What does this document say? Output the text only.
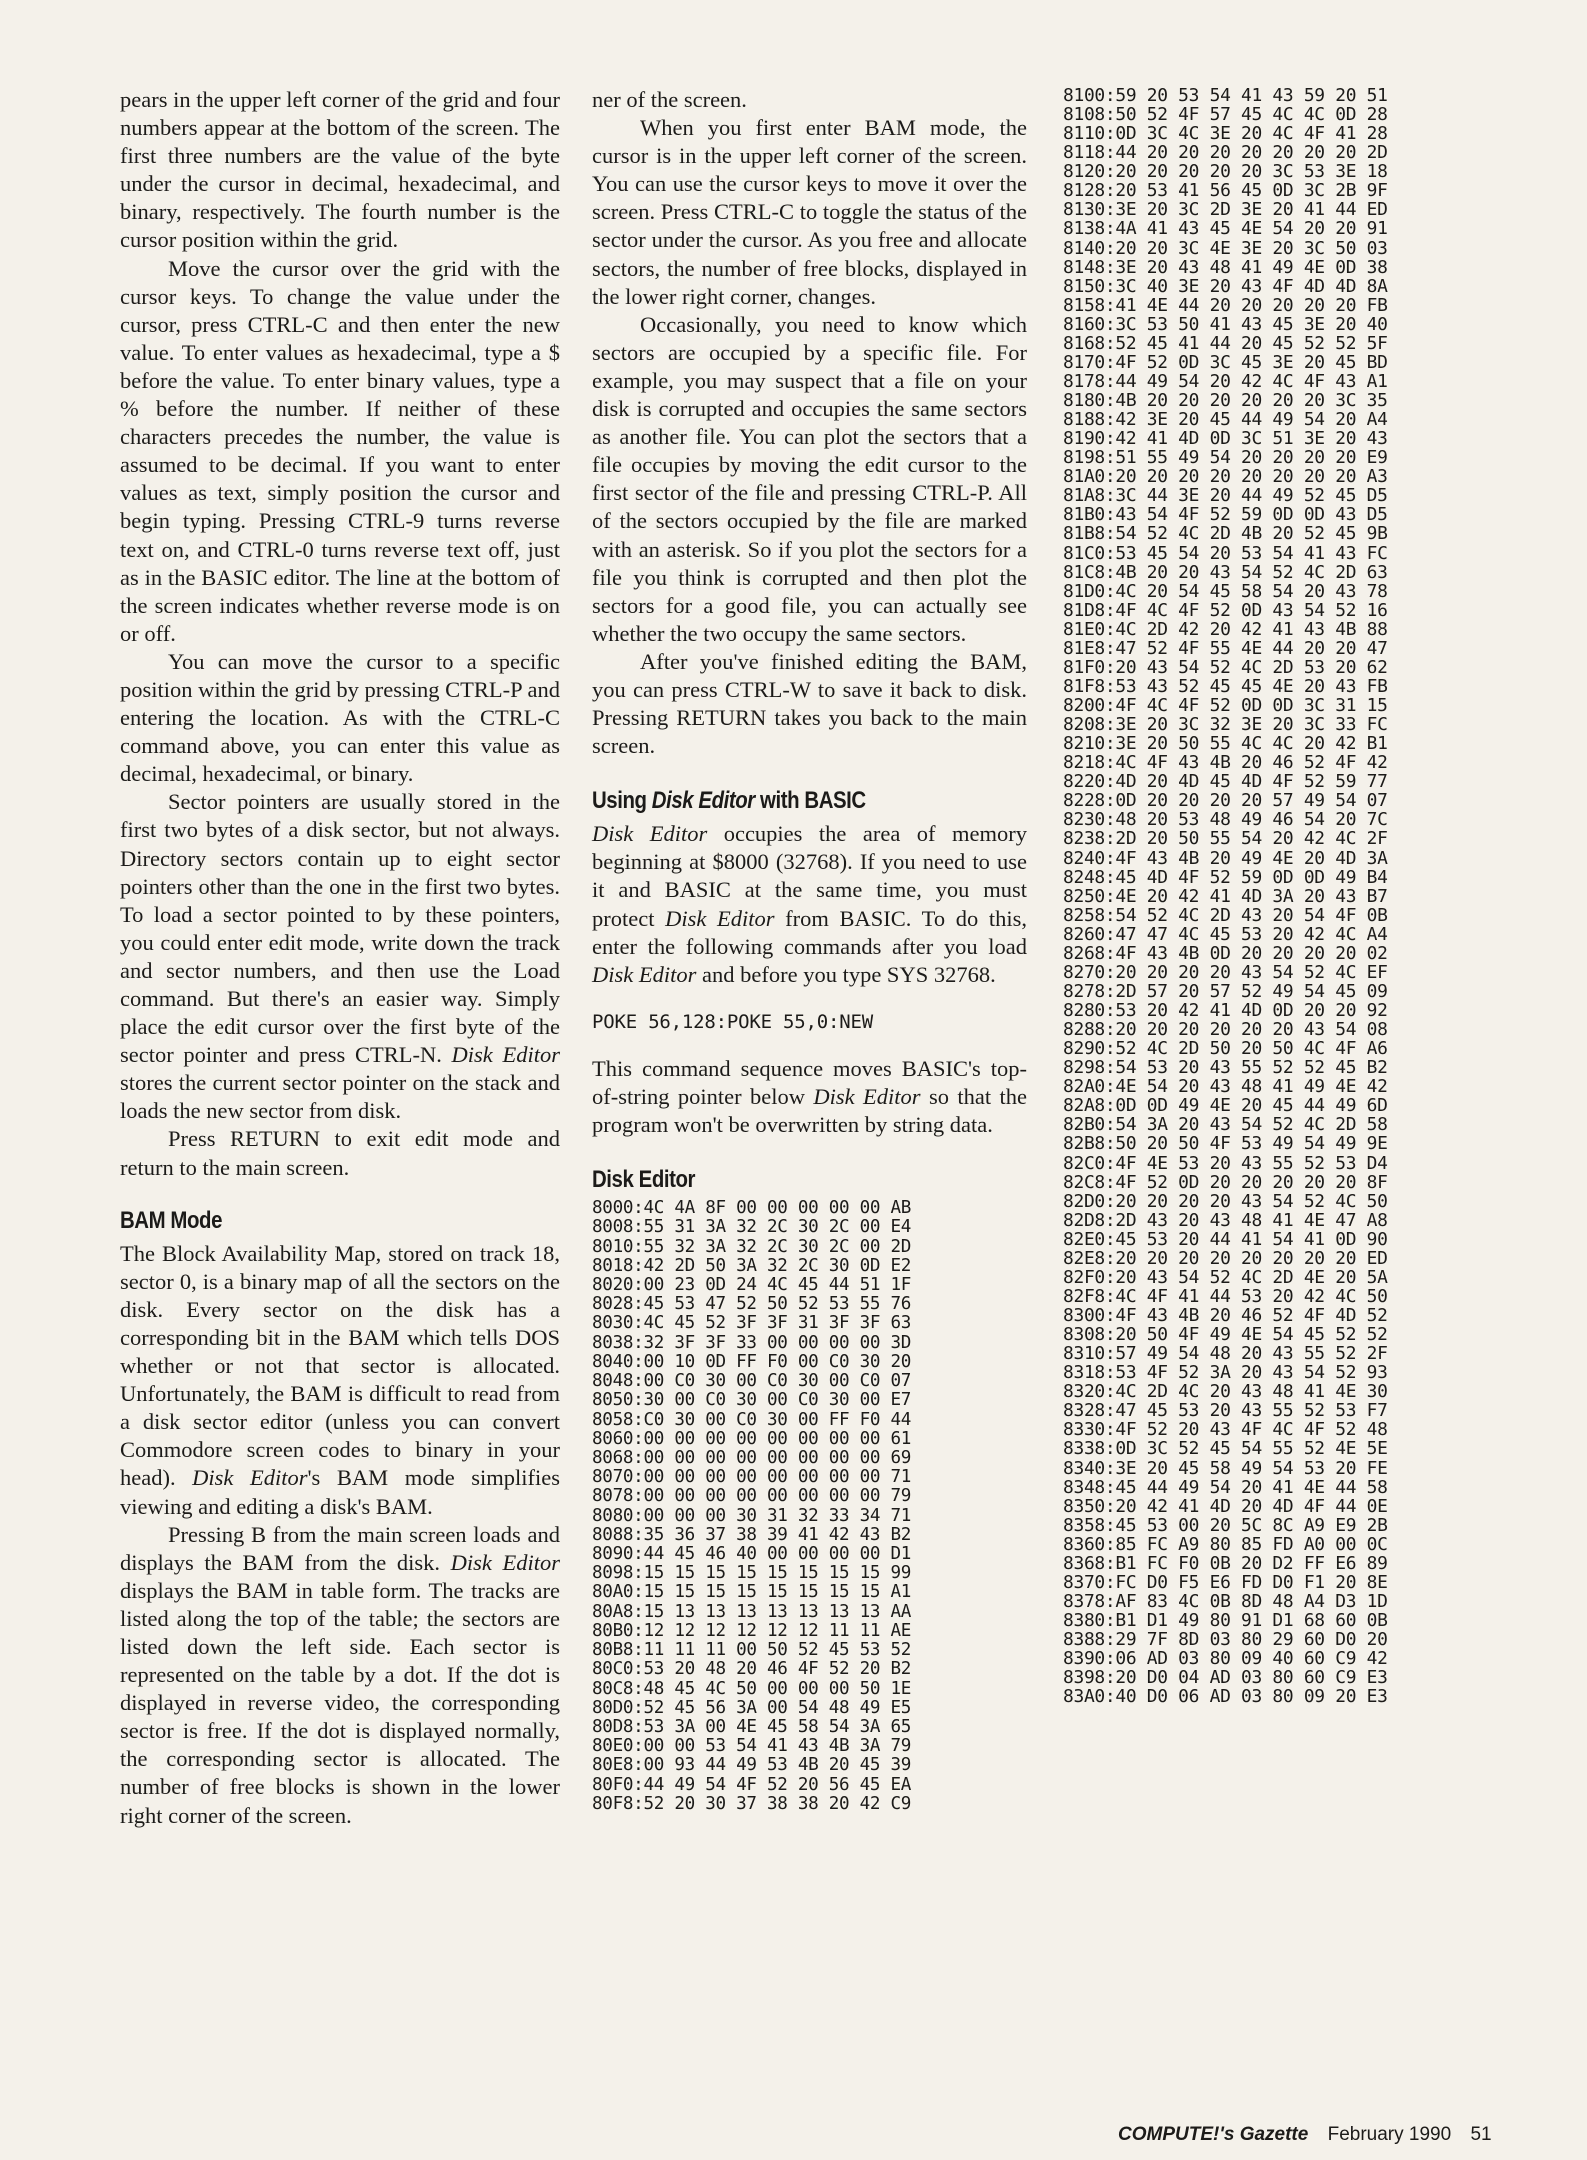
pears in the upper left corner of the grid and four numbers appear at the bottom of the screen. The first three numbers are the value of the byte under the cursor in decimal, hexadecimal, and binary, respectively. The fourth number is the cursor position within the grid.

Move the cursor over the grid with the cursor keys. To change the value under the cursor, press CTRL-C and then enter the new value. To enter values as hexadecimal, type a $ before the value. To enter binary values, type a % before the number. If neither of these characters precedes the number, the value is assumed to be decimal. If you want to enter values as text, simply position the cursor and begin typing. Pressing CTRL-9 turns reverse text on, and CTRL-0 turns reverse text off, just as in the BASIC editor. The line at the bottom of the screen indicates whether reverse mode is on or off.

You can move the cursor to a specific position within the grid by pressing CTRL-P and entering the location. As with the CTRL-C command above, you can enter this value as decimal, hexadecimal, or binary.

Sector pointers are usually stored in the first two bytes of a disk sector, but not always. Directory sectors contain up to eight sector pointers other than the one in the first two bytes. To load a sector pointed to by these pointers, you could enter edit mode, write down the track and sector numbers, and then use the Load command. But there's an easier way. Simply place the edit cursor over the first byte of the sector pointer and press CTRL-N. Disk Editor stores the current sector pointer on the stack and loads the new sector from disk.

Press RETURN to exit edit mode and return to the main screen.

BAM Mode

The Block Availability Map, stored on track 18, sector 0, is a binary map of all the sectors on the disk. Every sector on the disk has a corresponding bit in the BAM which tells DOS whether or not that sector is allocated. Unfortunately, the BAM is difficult to read from a disk sector editor (unless you can convert Commodore screen codes to binary in your head). Disk Editor's BAM mode simplifies viewing and editing a disk's BAM.

Pressing B from the main screen loads and displays the BAM from the disk. Disk Editor displays the BAM in table form. The tracks are listed along the top of the table; the sectors are listed down the left side. Each sector is represented on the table by a dot. If the dot is displayed in reverse video, the corresponding sector is free. If the dot is displayed normally, the corresponding sector is allocated. The number of free blocks is shown in the lower right corner of the screen.

ner of the screen.

When you first enter BAM mode, the cursor is in the upper left corner of the screen. You can use the cursor keys to move it over the screen. Press CTRL-C to toggle the status of the sector under the cursor. As you free and allocate sectors, the number of free blocks, displayed in the lower right corner, changes.

Occasionally, you need to know which sectors are occupied by a specific file. For example, you may suspect that a file on your disk is corrupted and occupies the same sectors as another file. You can plot the sectors that a file occupies by moving the edit cursor to the first sector of the file and pressing CTRL-P. All of the sectors occupied by the file are marked with an asterisk. So if you plot the sectors for a file you think is corrupted and then plot the sectors for a good file, you can actually see whether the two occupy the same sectors.

After you've finished editing the BAM, you can press CTRL-W to save it back to disk. Pressing RETURN takes you back to the main screen.

Using Disk Editor with BASIC

Disk Editor occupies the area of memory beginning at $8000 (32768). If you need to use it and BASIC at the same time, you must protect Disk Editor from BASIC. To do this, enter the following commands after you load Disk Editor and before you type SYS 32768.

POKE 56,128:POKE 55,0:NEW

This command sequence moves BASIC's top-of-string pointer below Disk Editor so that the program won't be overwritten by string data.

Disk Editor
8000:4C 4A 8F 00 00 00 00 00 AB
8008:55 31 3A 32 2C 30 2C 00 E4
8010:55 32 3A 32 2C 30 2C 00 2D
8018:42 2D 50 3A 32 2C 30 0D E2
8020:00 23 0D 24 4C 45 44 51 1F
8028:45 53 47 52 50 52 53 55 76
8030:4C 45 52 3F 3F 31 3F 3F 63
8038:32 3F 3F 33 00 00 00 00 3D
8040:00 10 0D FF F0 00 C0 30 20
8048:00 C0 30 00 C0 30 00 C0 07
8050:30 00 C0 30 00 C0 30 00 E7
8058:C0 30 00 C0 30 00 FF F0 44
8060:00 00 00 00 00 00 00 00 61
8068:00 00 00 00 00 00 00 00 69
8070:00 00 00 00 00 00 00 00 71
8078:00 00 00 00 00 00 00 00 79
8080:00 00 00 30 31 32 33 34 71
8088:35 36 37 38 39 41 42 43 B2
8090:44 45 46 40 00 00 00 00 D1
8098:15 15 15 15 15 15 15 15 99
80A0:15 15 15 15 15 15 15 15 A1
80A8:15 13 13 13 13 13 13 13 AA
80B0:12 12 12 12 12 12 11 11 AE
80B8:11 11 11 00 50 52 45 53 52
80C0:53 20 48 20 46 4F 52 20 B2
80C8:48 45 4C 50 00 00 00 50 1E
80D0:52 45 56 3A 00 54 48 49 E5
80D8:53 3A 00 4E 45 58 54 3A 65
80E0:00 00 53 54 41 43 4B 3A 79
80E8:00 93 44 49 53 4B 20 45 39
80F0:44 49 54 4F 52 20 56 45 EA
80F8:52 20 30 37 38 38 20 42 C9
8100:59 20 53 54 41 43 59 20 51
8108:50 52 4F 57 45 4C 4C 0D 28
8110:0D 3C 4C 3E 20 4C 4F 41 28
8118:44 20 20 20 20 20 20 20 2D
8120:20 20 20 20 20 3C 53 3E 18
8128:20 53 41 56 45 0D 3C 2B 9F
8130:3E 20 3C 2D 3E 20 41 44 ED
8138:4A 41 43 45 4E 54 20 20 91
8140:20 20 3C 4E 3E 20 3C 50 03
8148:3E 20 43 48 41 49 4E 0D 38
8150:3C 40 3E 20 43 4F 4D 4D 8A
8158:41 4E 44 20 20 20 20 20 FB
8160:3C 53 50 41 43 45 3E 20 40
8168:52 45 41 44 20 45 52 52 5F
8170:4F 52 0D 3C 45 3E 20 45 BD
8178:44 49 54 20 42 4C 4F 43 A1
8180:4B 20 20 20 20 20 20 3C 35
8188:42 3E 20 45 44 49 54 20 A4
8190:42 41 4D 0D 3C 51 3E 20 43
8198:51 55 49 54 20 20 20 20 E9
81A0:20 20 20 20 20 20 20 20 A3
81A8:3C 44 3E 20 44 49 52 45 D5
81B0:43 54 4F 52 59 0D 0D 43 D5
81B8:54 52 4C 2D 4B 20 52 45 9B
81C0:53 45 54 20 53 54 41 43 FC
81C8:4B 20 20 43 54 52 4C 2D 63
81D0:4C 20 54 45 58 54 20 43 78
81D8:4F 4C 4F 52 0D 43 54 52 16
81E0:4C 2D 42 20 42 41 43 4B 88
81E8:47 52 4F 55 4E 44 20 20 47
81F0:20 43 54 52 4C 2D 53 20 62
81F8:53 43 52 45 45 4E 20 43 FB
8200:4F 4C 4F 52 0D 0D 3C 31 15
8208:3E 20 3C 32 3E 20 3C 33 FC
8210:3E 20 50 55 4C 4C 20 42 B1
8218:4C 4F 43 4B 20 46 52 4F 42
8220:4D 20 4D 45 4D 4F 52 59 77
8228:0D 20 20 20 20 57 49 54 07
8230:48 20 53 48 49 46 54 20 7C
8238:2D 20 50 55 54 20 42 4C 2F
8240:4F 43 4B 20 49 4E 20 4D 3A
8248:45 4D 4F 52 59 0D 0D 49 B4
8250:4E 20 42 41 4D 3A 20 43 B7
8258:54 52 4C 2D 43 20 54 4F 0B
8260:47 47 4C 45 53 20 42 4C A4
8268:4F 43 4B 0D 20 20 20 20 02
8270:20 20 20 20 43 54 52 4C EF
8278:2D 57 20 57 52 49 54 45 09
8280:53 20 42 41 4D 0D 20 20 92
8288:20 20 20 20 20 20 43 54 08
8290:52 4C 2D 50 20 50 4C 4F A6
8298:54 53 20 43 55 52 52 45 B2
82A0:4E 54 20 43 48 41 49 4E 42
82A8:0D 0D 49 4E 20 45 44 49 6D
82B0:54 3A 20 43 54 52 4C 2D 58
82B8:50 20 50 4F 53 49 54 49 9E
82C0:4F 4E 53 20 43 55 52 53 D4
82C8:4F 52 0D 20 20 20 20 20 8F
82D0:20 20 20 20 43 54 52 4C 50
82D8:2D 43 20 43 48 41 4E 47 A8
82E0:45 53 20 44 41 54 41 0D 90
82E8:20 20 20 20 20 20 20 20 ED
82F0:20 43 54 52 4C 2D 4E 20 5A
82F8:4C 4F 41 44 53 20 42 4C 50
8300:4F 43 4B 20 46 52 4F 4D 52
8308:20 50 4F 49 4E 54 45 52 52
8310:57 49 54 48 20 43 55 52 2F
8318:53 4F 52 3A 20 43 54 52 93
8320:4C 2D 4C 20 43 48 41 4E 30
8328:47 45 53 20 43 55 52 53 F7
8330:4F 52 20 43 4F 4C 4F 52 48
8338:0D 3C 52 45 54 55 52 4E 5E
8340:3E 20 45 58 49 54 53 20 FE
8348:45 44 49 54 20 41 4E 44 58
8350:20 42 41 4D 20 4D 4F 44 0E
8358:45 53 00 20 5C 8C A9 E9 2B
8360:85 FC A9 80 85 FD A0 00 0C
8368:B1 FC F0 0B 20 D2 FF E6 89
8370:FC D0 F5 E6 FD D0 F1 20 8E
8378:AF 83 4C 0B 8D 48 A4 D3 1D
8380:B1 D1 49 80 91 D1 68 60 0B
8388:29 7F 8D 03 80 29 60 D0 20
8390:06 AD 03 80 09 40 60 C9 42
8398:20 D0 04 AD 03 80 60 C9 E3
83A0:40 D0 06 AD 03 80 09 20 E3
COMPUTE!'s Gazette February 1990 51
